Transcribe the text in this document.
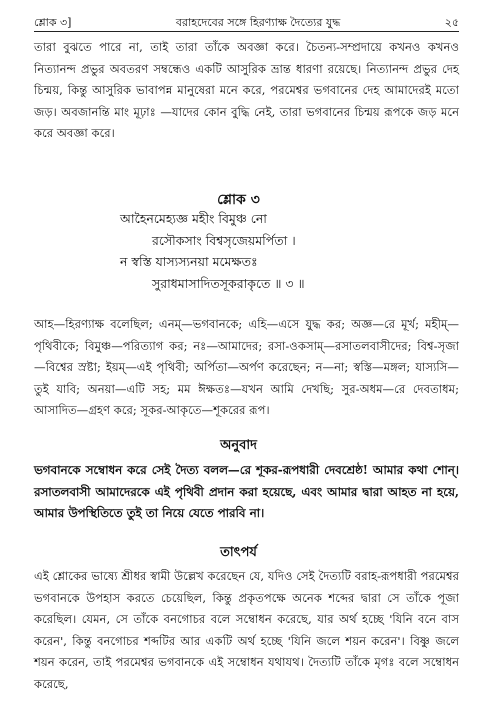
শ্লোক ৩]	বরাহদেবের সঙ্গে হিরণ্যাক্ষ দৈত্যের যুদ্ধ	২৫

তারা বুঝতে পারে না, তাই তারা তাঁকে অবজ্ঞা করে। চৈতন্য-সম্প্রদায়ে কখনও কখনও নিত্যানন্দ প্রভুর অবতরণ সম্বন্ধেও একটি আসুরিক ভ্রান্ত ধারণা রয়েছে। নিত্যানন্দ প্রভুর দেহ চিন্ময়, কিন্তু আসুরিক ভাবাপন্ন মানুষেরা মনে করে, পরমেশ্বর ভগবানের দেহ আমাদেরই মতো জড়। অবজানন্তি মাং মূঢ়াঃ —যাদের কোন বুদ্ধি নেই, তারা ভগবানের চিন্ময় রূপকে জড় মনে করে অবজ্ঞা করে।

শ্লোক ৩
আহৈনমেহ্যজ্ঞ মহীং বিমুঞ্চ নো
রসৌকসাং বিশ্বসৃজেয়মর্পিতা ।
ন স্বস্তি যাস্যস্যনয়া মমেক্ষতঃ
সুরাধমাসাদিতসূকরাকৃতে ॥ ৩ ॥

আহ—হিরণ্যাক্ষ বলেছিল; এনম্—ভগবানকে; এহি—এসে যুদ্ধ কর; অজ্ঞ—রে মূর্খ; মহীম্—পৃথিবীকে; বিমুঞ্চ—পরিত্যাগ কর; নঃ—আমাদের; রসা-ওকসাম্—রসাতলবাসীদের; বিশ্ব-সৃজা—বিশ্বের স্রষ্টা; ইয়ম্—এই পৃথিবী; অর্পিতা—অর্পণ করেছেন; ন—না; স্বস্তি—মঙ্গল; যাস্যসি—তুই যাবি; অনয়া—এটি সহ; মম ঈক্ষতঃ—যখন আমি দেখছি; সুর-অধম—রে দেবতাধম; আসাদিত—গ্রহণ করে; সূকর-আকৃতে—শূকরের রূপ।

অনুবাদ

ভগবানকে সম্বোধন করে সেই দৈত্য বলল—রে শূকর-রূপধারী দেবশ্রেষ্ঠ! আমার কথা শোন্। রসাতলবাসী আমাদেরকে এই পৃথিবী প্রদান করা হয়েছে, এবং আমার দ্বারা আহত না হয়ে, আমার উপস্থিতিতে তুই তা নিয়ে যেতে পারবি না।

তাৎপর্য

এই শ্লোকের ভাষ্যে শ্রীধর স্বামী উল্লেখ করেছেন যে, যদিও সেই দৈত্যটি বরাহ-রূপধারী পরমেশ্বর ভগবানকে উপহাস করতে চেয়েছিল, কিন্তু প্রকৃতপক্ষে অনেক শব্দের দ্বারা সে তাঁকে পূজা করেছিল। যেমন, সে তাঁকে বনগোচর বলে সম্বোধন করেছে, যার অর্থ হচ্ছে 'যিনি বনে বাস করেন', কিন্তু বনগোচর শব্দটির আর একটি অর্থ হচ্ছে 'যিনি জলে শয়ন করেন'। বিষ্ণু জলে শয়ন করেন, তাই পরমেশ্বর ভগবানকে এই সম্বোধন যথাযথ। দৈত্যটি তাঁকে মৃগঃ বলে সম্বোধন করেছে,
